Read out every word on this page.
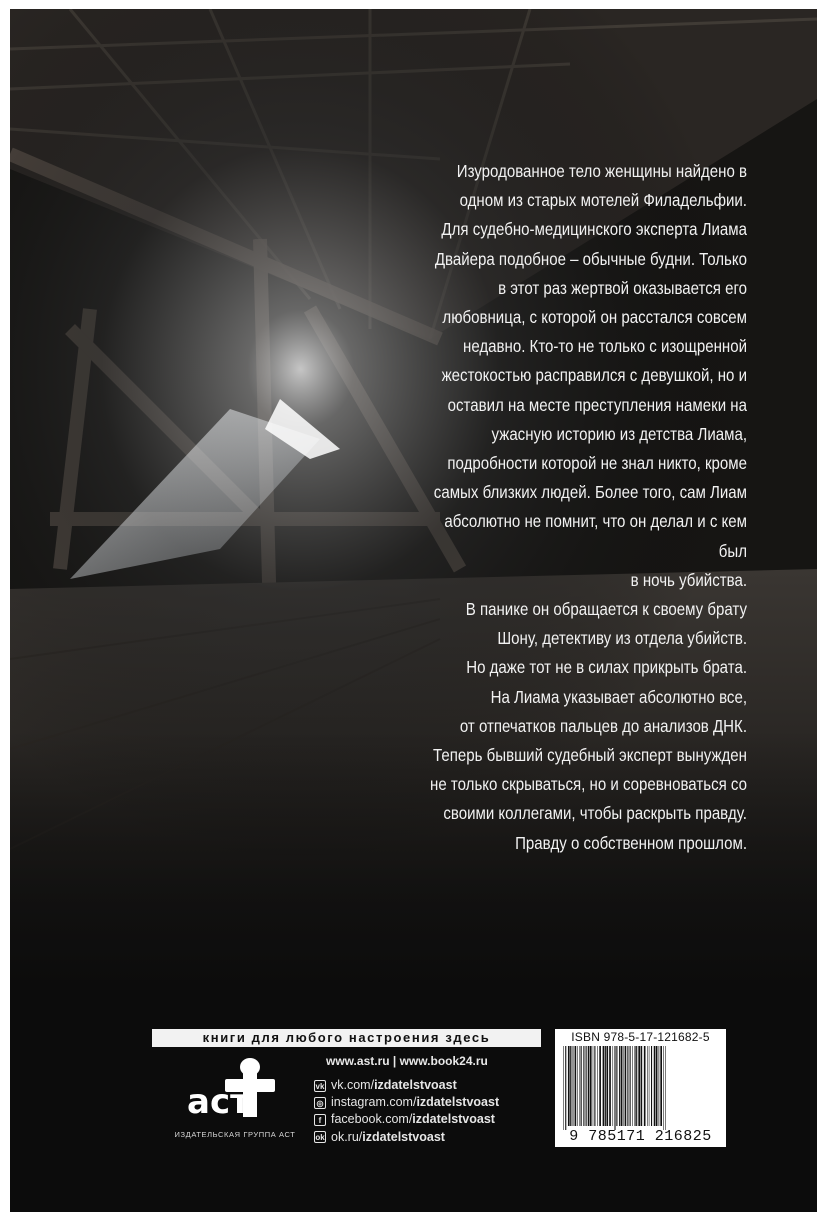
Изуродованное тело женщины найдено в
одном из старых мотелей Филадельфии.
Для судебно-медицинского эксперта Лиама
Двайера подобное – обычные будни. Только
в этот раз жертвой оказывается его
любовница, с которой он расстался совсем
недавно. Кто-то не только с изощренной
жестокостью расправился с девушкой, но и
оставил на месте преступления намеки на
ужасную историю из детства Лиама,
подробности которой не знал никто, кроме
самых близких людей. Более того, сам Лиам
абсолютно не помнит, что он делал и с кем
был
в ночь убийства.
В панике он обращается к своему брату
Шону, детективу из отдела убийств.
Но даже тот не в силах прикрыть брата.
На Лиама указывает абсолютно все,
от отпечатков пальцев до анализов ДНК.
Теперь бывший судебный эксперт вынужден
не только скрываться, но и соревноваться со
своими коллегами, чтобы раскрыть правду.
Правду о собственном прошлом.
книги для любого настроения здесь
аст
ИЗДАТЕЛЬСКАЯ ГРУППА АСТ
www.ast.ru | www.book24.ru
vk vk.com/ izdatelstvoast
◎ instagram.com/ izdatelstvoast
f facebook.com/ izdatelstvoast
ok ok.ru/ izdatelstvoast
ISBN 978-5-17-121682-5
9 785171 216825
